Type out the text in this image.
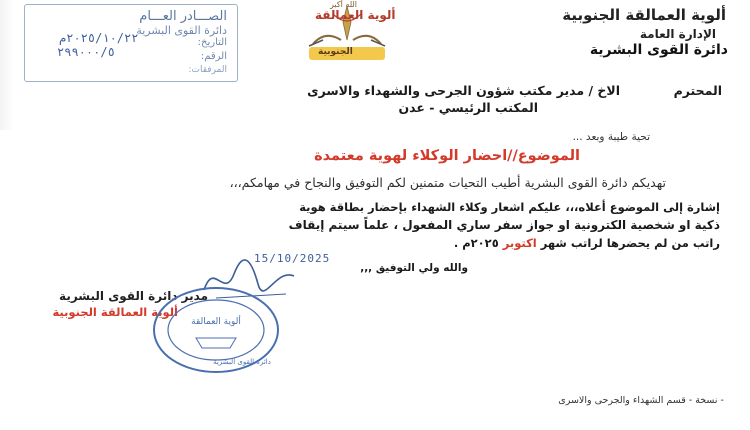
ألوية العمالقة الجنوبية
الإدارة العامة
دائرة القوى البشرية
الصـــادر العـــام
دائرة القوى البشرية
التاريخ:
٢٠٢٥/١٠/٢٢م
الرقم:
٢٩٩٠٠٠/٥
المرفقات:
الله أكبر
ألوية العمالقة
الجنوبية
الاخ / مدير مكتب شؤون الجرحى والشهداء والاسرى	المحترم
المكتب الرئيسي - عدن
تحية طيبة وبعد ...
الموضوع//احضار الوكلاء لهوية معتمدة
تهديكم دائرة القوى البشرية أطيب التحيات متمنين لكم التوفيق والنجاح في مهامكم،،،
إشارة إلى الموضوع أعلاه،،، عليكم اشعار وكلاء الشهداء بإحضار بطاقة هوية
ذكية او شخصية الكترونية او جواز سفر ساري المفعول ، علماً سيتم إيقاف
راتب من لم يحضرها لراتب شهر اكتوبر ٢٠٢٥م .
والله ولي التوفيق ,,,
15/10/2025
مدير دائرة القوى البشرية
ألوية العمالقة الجنوبية
ألوية العمالقة
دائرة القوى البشرية
- نسخة - قسم الشهداء والجرحى والاسرى
